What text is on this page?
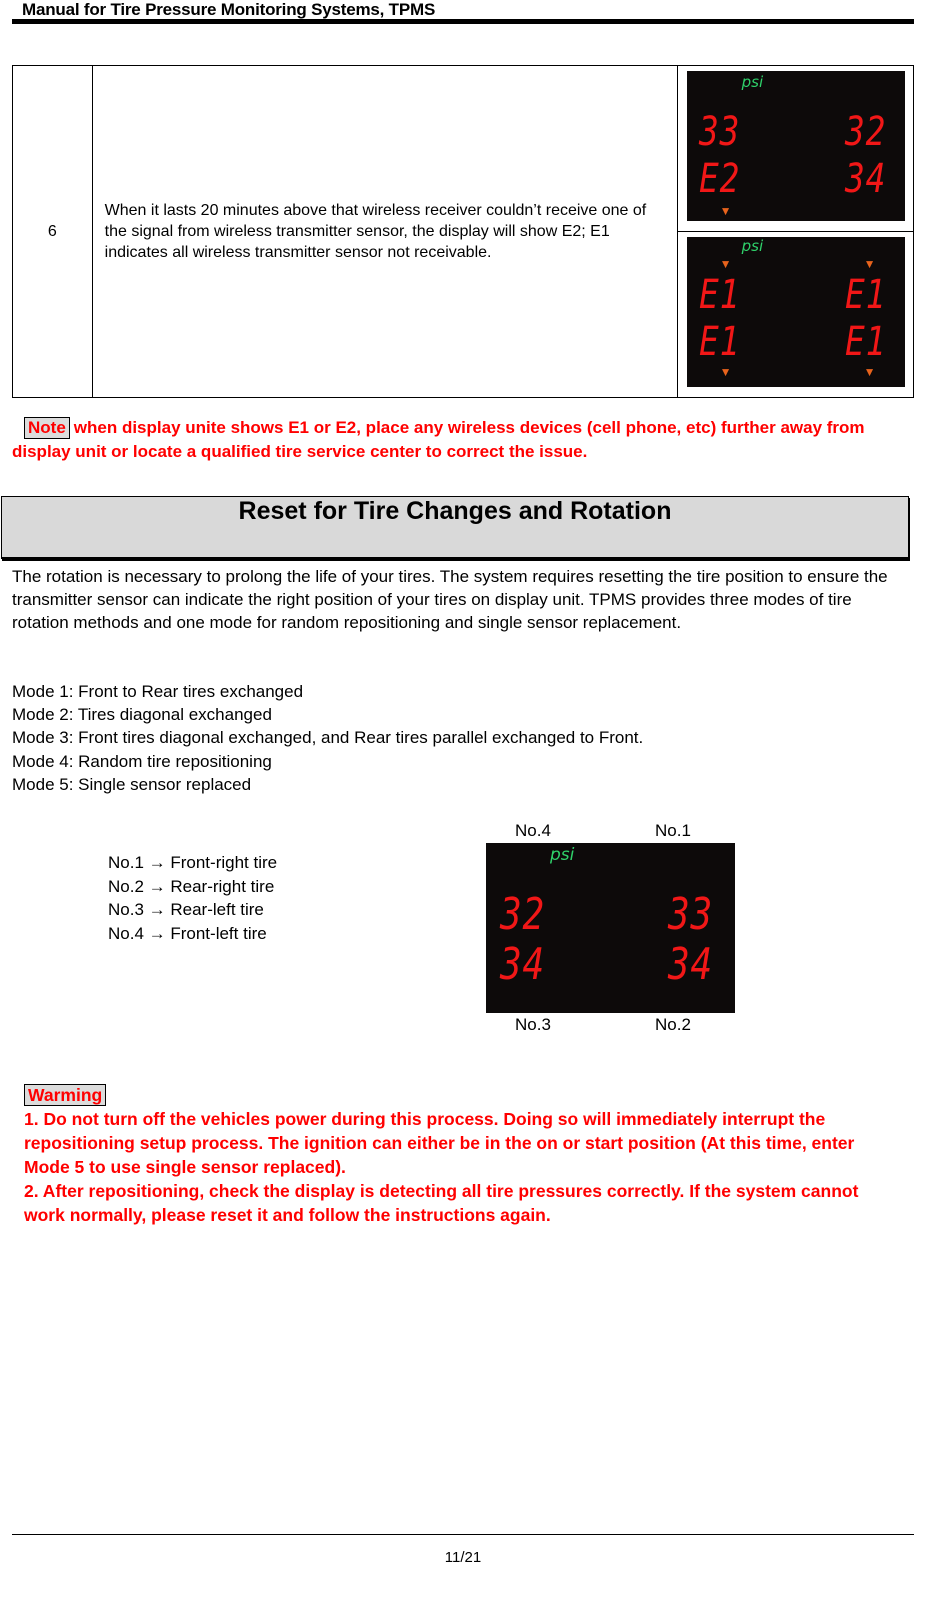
Manual for Tire Pressure Monitoring Systems, TPMS
6	When it lasts 20 minutes above that wireless receiver couldn’t receive one of the signal from wireless transmitter sensor, the display will show E2; E1 indicates all wireless transmitter sensor not receivable.	
psi
33	32
E2	34
▼

psi
▼	▼
E1	E1
E1	E1
▼	▼
Note when display unite shows E1 or E2, place any wireless devices (cell phone, etc) further away from display unit or locate a qualified tire service center to correct the issue.
Reset for Tire Changes and Rotation
The rotation is necessary to prolong the life of your tires. The system requires resetting the tire position to ensure the transmitter sensor can indicate the right position of your tires on display unit. TPMS provides three modes of tire rotation methods and one mode for random repositioning and single sensor replacement.
Mode 1: Front to Rear tires exchanged
Mode 2: Tires diagonal exchanged
Mode 3: Front tires diagonal exchanged, and Rear tires parallel exchanged to Front.
Mode 4: Random tire repositioning
Mode 5: Single sensor replaced
No.1 → Front-right tire
No.2 → Rear-right tire
No.3 → Rear-left tire
No.4 → Front-left tire
No.4	No.1
psi
32	33
34	34
No.3	No.2
Warming
1. Do not turn off the vehicles power during this process. Doing so will immediately interrupt the repositioning setup process. The ignition can either be in the on or start position (At this time, enter Mode 5 to use single sensor replaced).
2. After repositioning, check the display is detecting all tire pressures correctly. If the system cannot work normally, please reset it and follow the instructions again.
11/21
